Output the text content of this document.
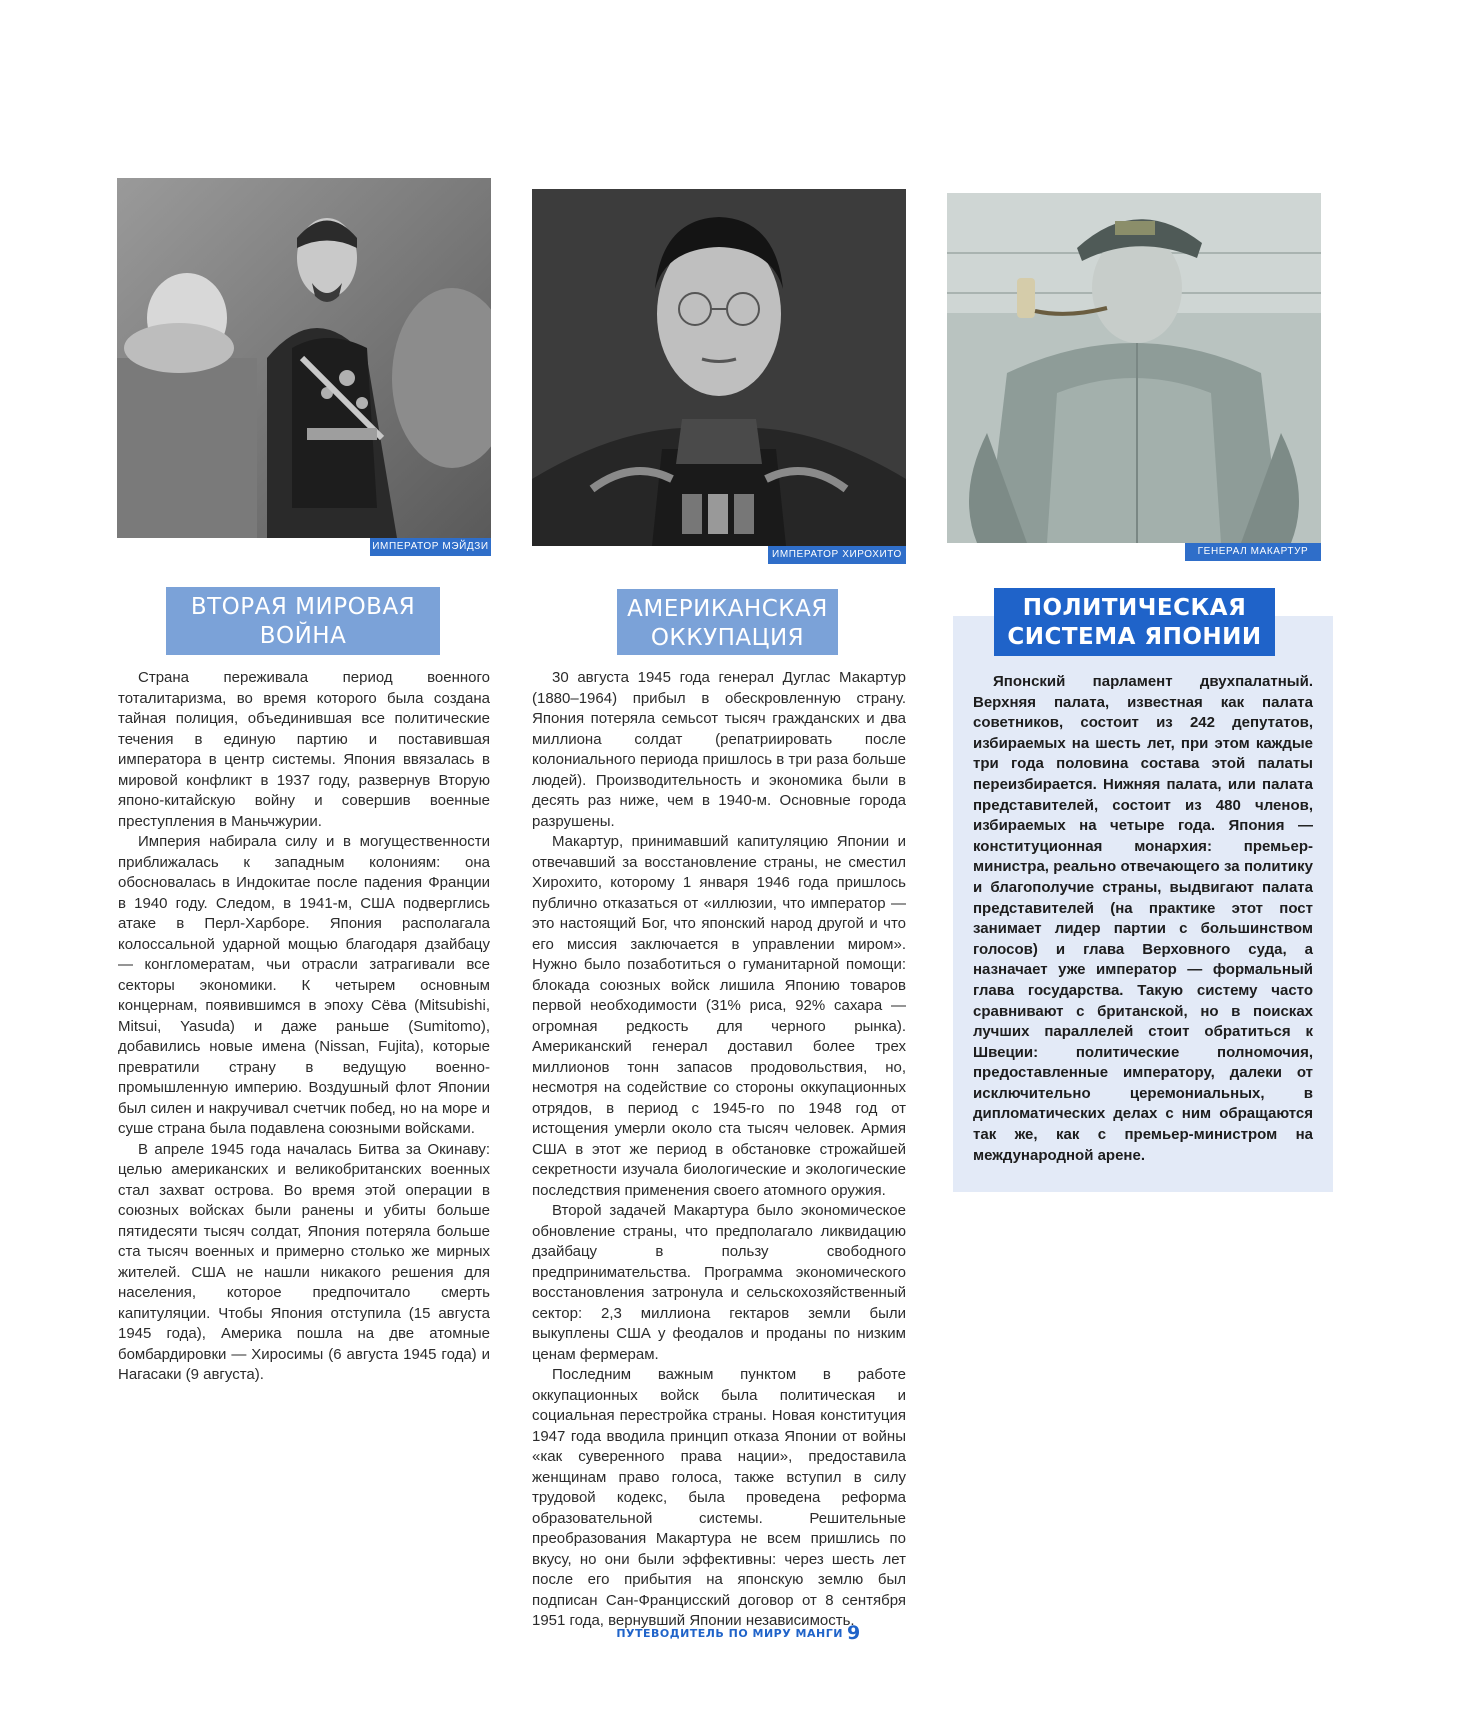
ИМПЕРАТОР МЭЙДЗИ
ИМПЕРАТОР ХИРОХИТО	ГЕНЕРАЛ МАКАРТУР
ВТОРАЯ МИРОВАЯ
ВОЙНА
АМЕРИКАНСКАЯ
ОККУПАЦИЯ
ПОЛИТИЧЕСКАЯ
СИСТЕМА ЯПОНИИ

Страна переживала период военного тоталитаризма, во время которого была создана тайная полиция, объединившая все политические течения в единую партию и поставившая императора в центр системы. Япония ввязалась в мировой конфликт в 1937 году, развернув Вторую японо-китайскую войну и совершив военные преступления в Маньчжурии.

Империя набирала силу и в могущественности приближалась к западным колониям: она обосновалась в Индокитае после падения Франции в 1940 году. Следом, в 1941-м, США подверглись атаке в Перл-Харборе. Япония располагала колоссальной ударной мощью благодаря дзайбацу — конгломератам, чьи отрасли затрагивали все секторы экономики. К четырем основным концернам, появившимся в эпоху Сёва (Mitsubishi, Mitsui, Yasuda) и даже раньше (Sumitomo), добавились новые имена (Nissan, Fujita), которые превратили страну в ведущую военно-промышленную империю. Воздушный флот Японии был силен и накручивал счетчик побед, но на море и суше страна была подавлена союзными войсками.

В апреле 1945 года началась Битва за Окинаву: целью американских и великобританских военных стал захват острова. Во время этой операции в союзных войсках были ранены и убиты больше пятидесяти тысяч солдат, Япония потеряла больше ста тысяч военных и примерно столько же мирных жителей. США не нашли никакого решения для населения, которое предпочитало смерть капитуляции. Чтобы Япония отступила (15 августа 1945 года), Америка пошла на две атомные бомбардировки — Хиросимы (6 августа 1945 года) и Нагасаки (9 августа).

30 августа 1945 года генерал Дуглас Макартур (1880–1964) прибыл в обескровленную страну. Япония потеряла семьсот тысяч гражданских и два миллиона солдат (репатриировать после колониального периода пришлось в три раза больше людей). Производительность и экономика были в десять раз ниже, чем в 1940-м. Основные города разрушены.

Макартур, принимавший капитуляцию Японии и отвечавший за восстановление страны, не сместил Хирохито, которому 1 января 1946 года пришлось публично отказаться от «иллюзии, что император — это настоящий Бог, что японский народ другой и что его миссия заключается в управлении миром». Нужно было позаботиться о гуманитарной помощи: блокада союзных войск лишила Японию товаров первой необходимости (31% риса, 92% сахара — огромная редкость для черного рынка). Американский генерал доставил более трех миллионов тонн запасов продовольствия, но, несмотря на содействие со стороны оккупационных отрядов, в период с 1945-го по 1948 год от истощения умерли около ста тысяч человек. Армия США в этот же период в обстановке строжайшей секретности изучала биологические и экологические последствия применения своего атомного оружия.

Второй задачей Макартура было экономическое обновление страны, что предполагало ликвидацию дзайбацу в пользу свободного предпринимательства. Программа экономического восстановления затронула и сельскохозяйственный сектор: 2,3 миллиона гектаров земли были выкуплены США у феодалов и проданы по низким ценам фермерам.

Последним важным пунктом в работе оккупационных войск была политическая и социальная перестройка страны. Новая конституция 1947 года вводила принцип отказа Японии от войны «как суверенного права нации», предоставила женщинам право голоса, также вступил в силу трудовой кодекс, была проведена реформа образовательной системы. Решительные преобразования Макартура не всем пришлись по вкусу, но они были эффективны: через шесть лет после его прибытия на японскую землю был подписан Сан-Францисский договор от 8 сентября 1951 года, вернувший Японии независимость.

Японский парламент двухпалатный. Верхняя палата, известная как палата советников, состоит из 242 депутатов, избираемых на шесть лет, при этом каждые три года половина состава этой палаты переизбирается. Нижняя палата, или палата представителей, состоит из 480 членов, избираемых на четыре года. Япония — конституционная монархия: премьер-министра, реально отвечающего за политику и благополучие страны, выдвигают палата представителей (на практике этот пост занимает лидер партии с большинством голосов) и глава Верховного суда, а назначает уже император — формальный глава государства. Такую систему часто сравнивают с британской, но в поисках лучших параллелей стоит обратиться к Швеции: политические полномочия, предоставленные императору, далеки от исключительно церемониальных, в дипломатических делах с ним обращаются так же, как с премьер-министром на международной арене.

ПУТЕВОДИТЕЛЬ ПО МИРУ МАНГИ 9
